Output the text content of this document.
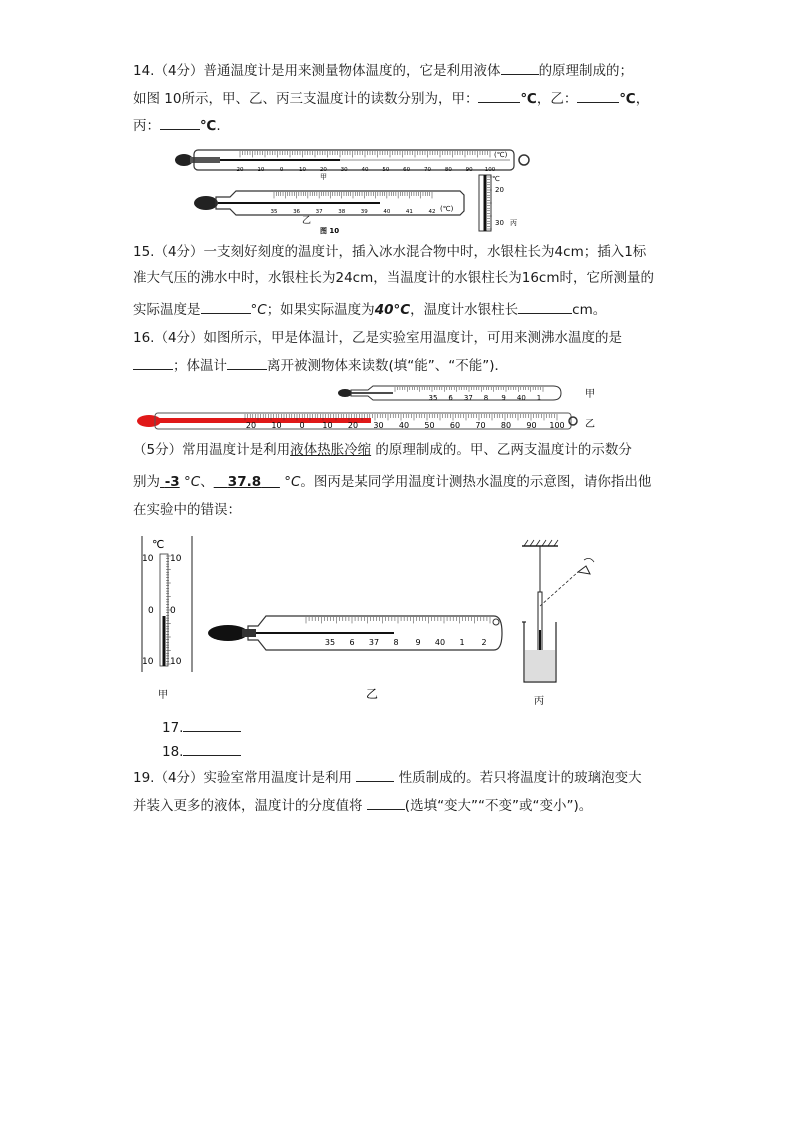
14.（4分）普通温度计是用来测量物体温度的，它是利用液体	的原理制成的；
如图 10所示，甲、乙、丙三支温度计的读数分别为，甲：	℃，乙：	℃，
丙：	℃.
20	10	0	10	20	30	40	50	60	70	80	90 100
(℃)
甲
35	36	37	38	39	40	41	42 (℃)
乙
图 10
℃
20
30 丙
15.（4分）一支刻好刻度的温度计，插入冰水混合物中时，水银柱长为4cm；插入1标
准大气压的沸水中时，水银柱长为24cm，当温度计的水银柱长为16cm时，它所测量的
实际温度是	°C；如果实际温度为40°C，温度计水银柱长	cm。
16.（4分）如图所示，甲是体温计，乙是实验室用温度计，可用来测沸水温度的是
；体温计	离开被测物体来读数(填“能”、“不能”)．
35 6 37 8 9 40 1	甲
20 10 0 10 20 30 40 50 60 70 80 90 100 乙
（5分）常用温度计是利用液体热胀冷缩 的原理制成的。甲、乙两支温度计的示数分
别为 -3 °C、 37.8 °C。图丙是某同学用温度计测热水温度的示意图，请你指出他
在实验中的错误：
℃
10
0
10
10
0
10
甲
35 6 37 8 9 40 1 2
乙
丙
17.
18.
19.（4分）实验室常用温度计是利用	性质制成的。若只将温度计的玻璃泡变大
并装入更多的液体，温度计的分度值将	(选填“变大”“不变”或“变小”)。
